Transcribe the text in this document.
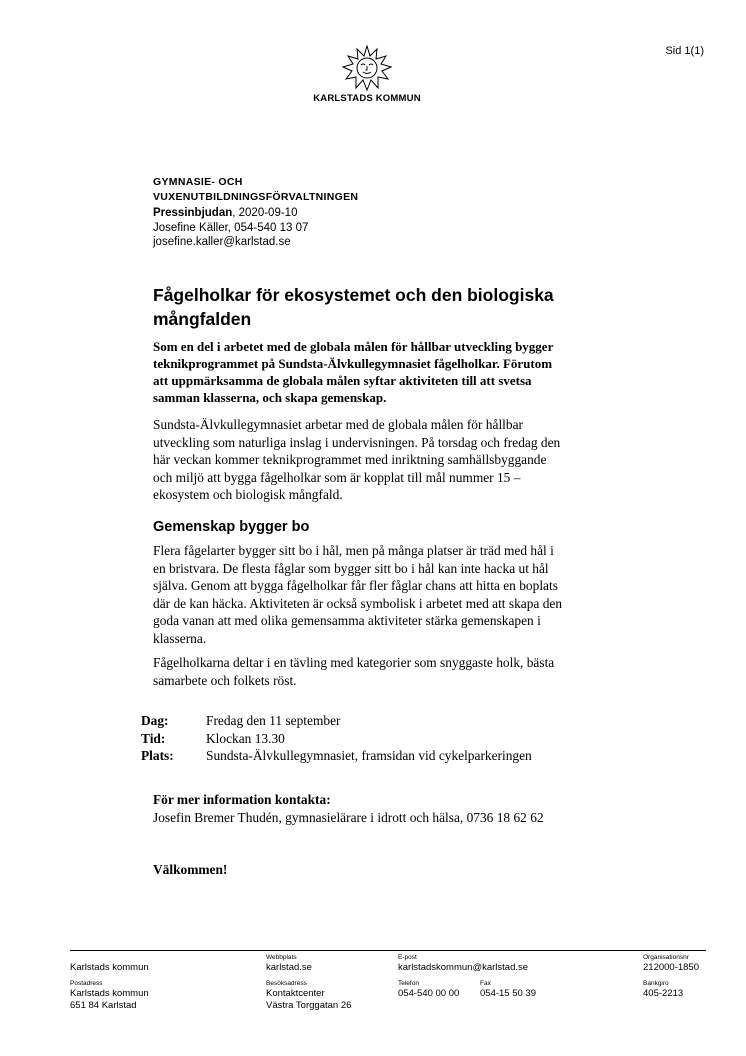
Sid 1(1)
KARLSTADS KOMMUN
GYMNASIE- OCH
VUXENUTBILDNINGSFÖRVALTNINGEN
Pressinbjudan, 2020-09-10
Josefine Käller, 054-540 13 07
josefine.kaller@karlstad.se
Fågelholkar för ekosystemet och den biologiska
mångfalden
Som en del i arbetet med de globala målen för hållbar utveckling bygger
teknikprogrammet på Sundsta-Älvkullegymnasiet fågelholkar. Förutom
att uppmärksamma de globala målen syftar aktiviteten till att svetsa
samman klasserna, och skapa gemenskap.
Sundsta-Älvkullegymnasiet arbetar med de globala målen för hållbar
utveckling som naturliga inslag i undervisningen. På torsdag och fredag den
här veckan kommer teknikprogrammet med inriktning samhällsbyggande
och miljö att bygga fågelholkar som är kopplat till mål nummer 15 –
ekosystem och biologisk mångfald.
Gemenskap bygger bo
Flera fågelarter bygger sitt bo i hål, men på många platser är träd med hål i
en bristvara. De flesta fåglar som bygger sitt bo i hål kan inte hacka ut hål
själva. Genom att bygga fågelholkar får fler fåglar chans att hitta en boplats
där de kan häcka. Aktiviteten är också symbolisk i arbetet med att skapa den
goda vanan att med olika gemensamma aktiviteter stärka gemenskapen i
klasserna.
Fågelholkarna deltar i en tävling med kategorier som snyggaste holk, bästa
samarbete och folkets röst.
Dag:	Fredag den 11 september
Tid:	Klockan 13.30
Plats:	Sundsta-Älvkullegymnasiet, framsidan vid cykelparkeringen
För mer information kontakta:
Josefin Bremer Thudén, gymnasielärare i idrott och hälsa, 0736 18 62 62
Välkommen!
Karlstads kommun
Webbplats
karlstad.se
E-post
karlstadskommun@karlstad.se
Organisationsnr
212000-1850
Postadress
Karlstads kommun
651 84 Karlstad
Besöksadress
Kontaktcenter
Västra Torggatan 26
Telefon
054-540 00 00
Fax
054-15 50 39
Bankgiro
405-2213
